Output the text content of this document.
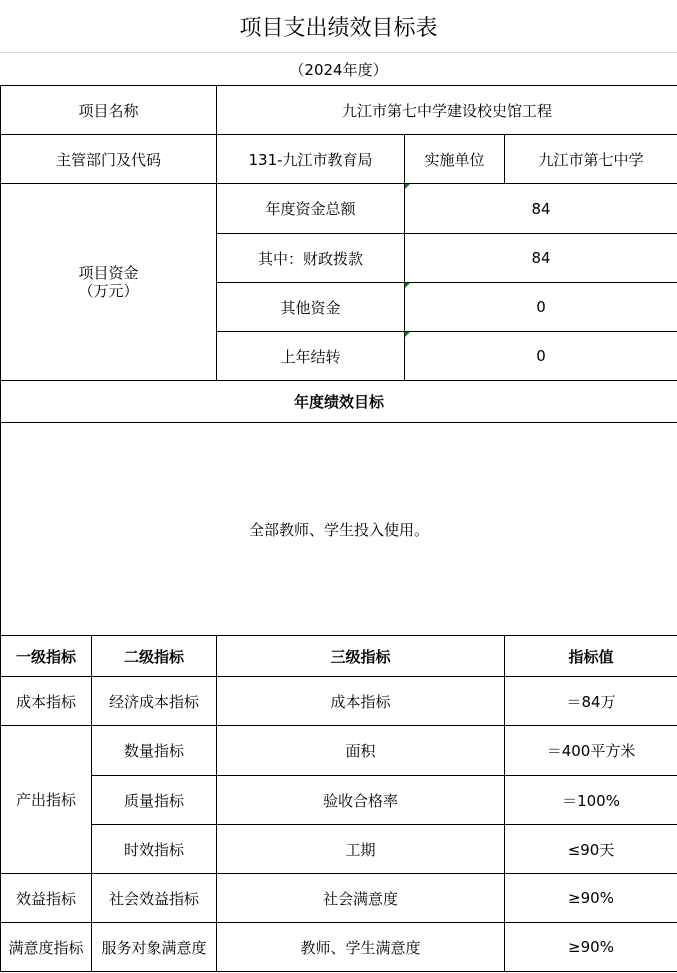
项目支出绩效目标表
（2024年度）
项目名称		九江市第七中学建设校史馆工程		
主管部门及代码		131-九江市教育局	实施单位	九江市第七中学

项目资金
（万元）		年度资金总额	84	
		其中：财政拨款	84	
		其他资金	0	
		上年结转	0	
年度绩效目标				
全部教师、学生投入使用。				
一级指标	二级指标	三级指标		指标值
成本指标	经济成本指标	成本指标		＝84万
产出指标	数量指标	面积		＝400平方米
	质量指标	验收合格率		＝100%
	时效指标	工期		≤90天
效益指标	社会效益指标	社会满意度		≥90%
满意度指标	服务对象满意度	教师、学生满意度		≥90%
